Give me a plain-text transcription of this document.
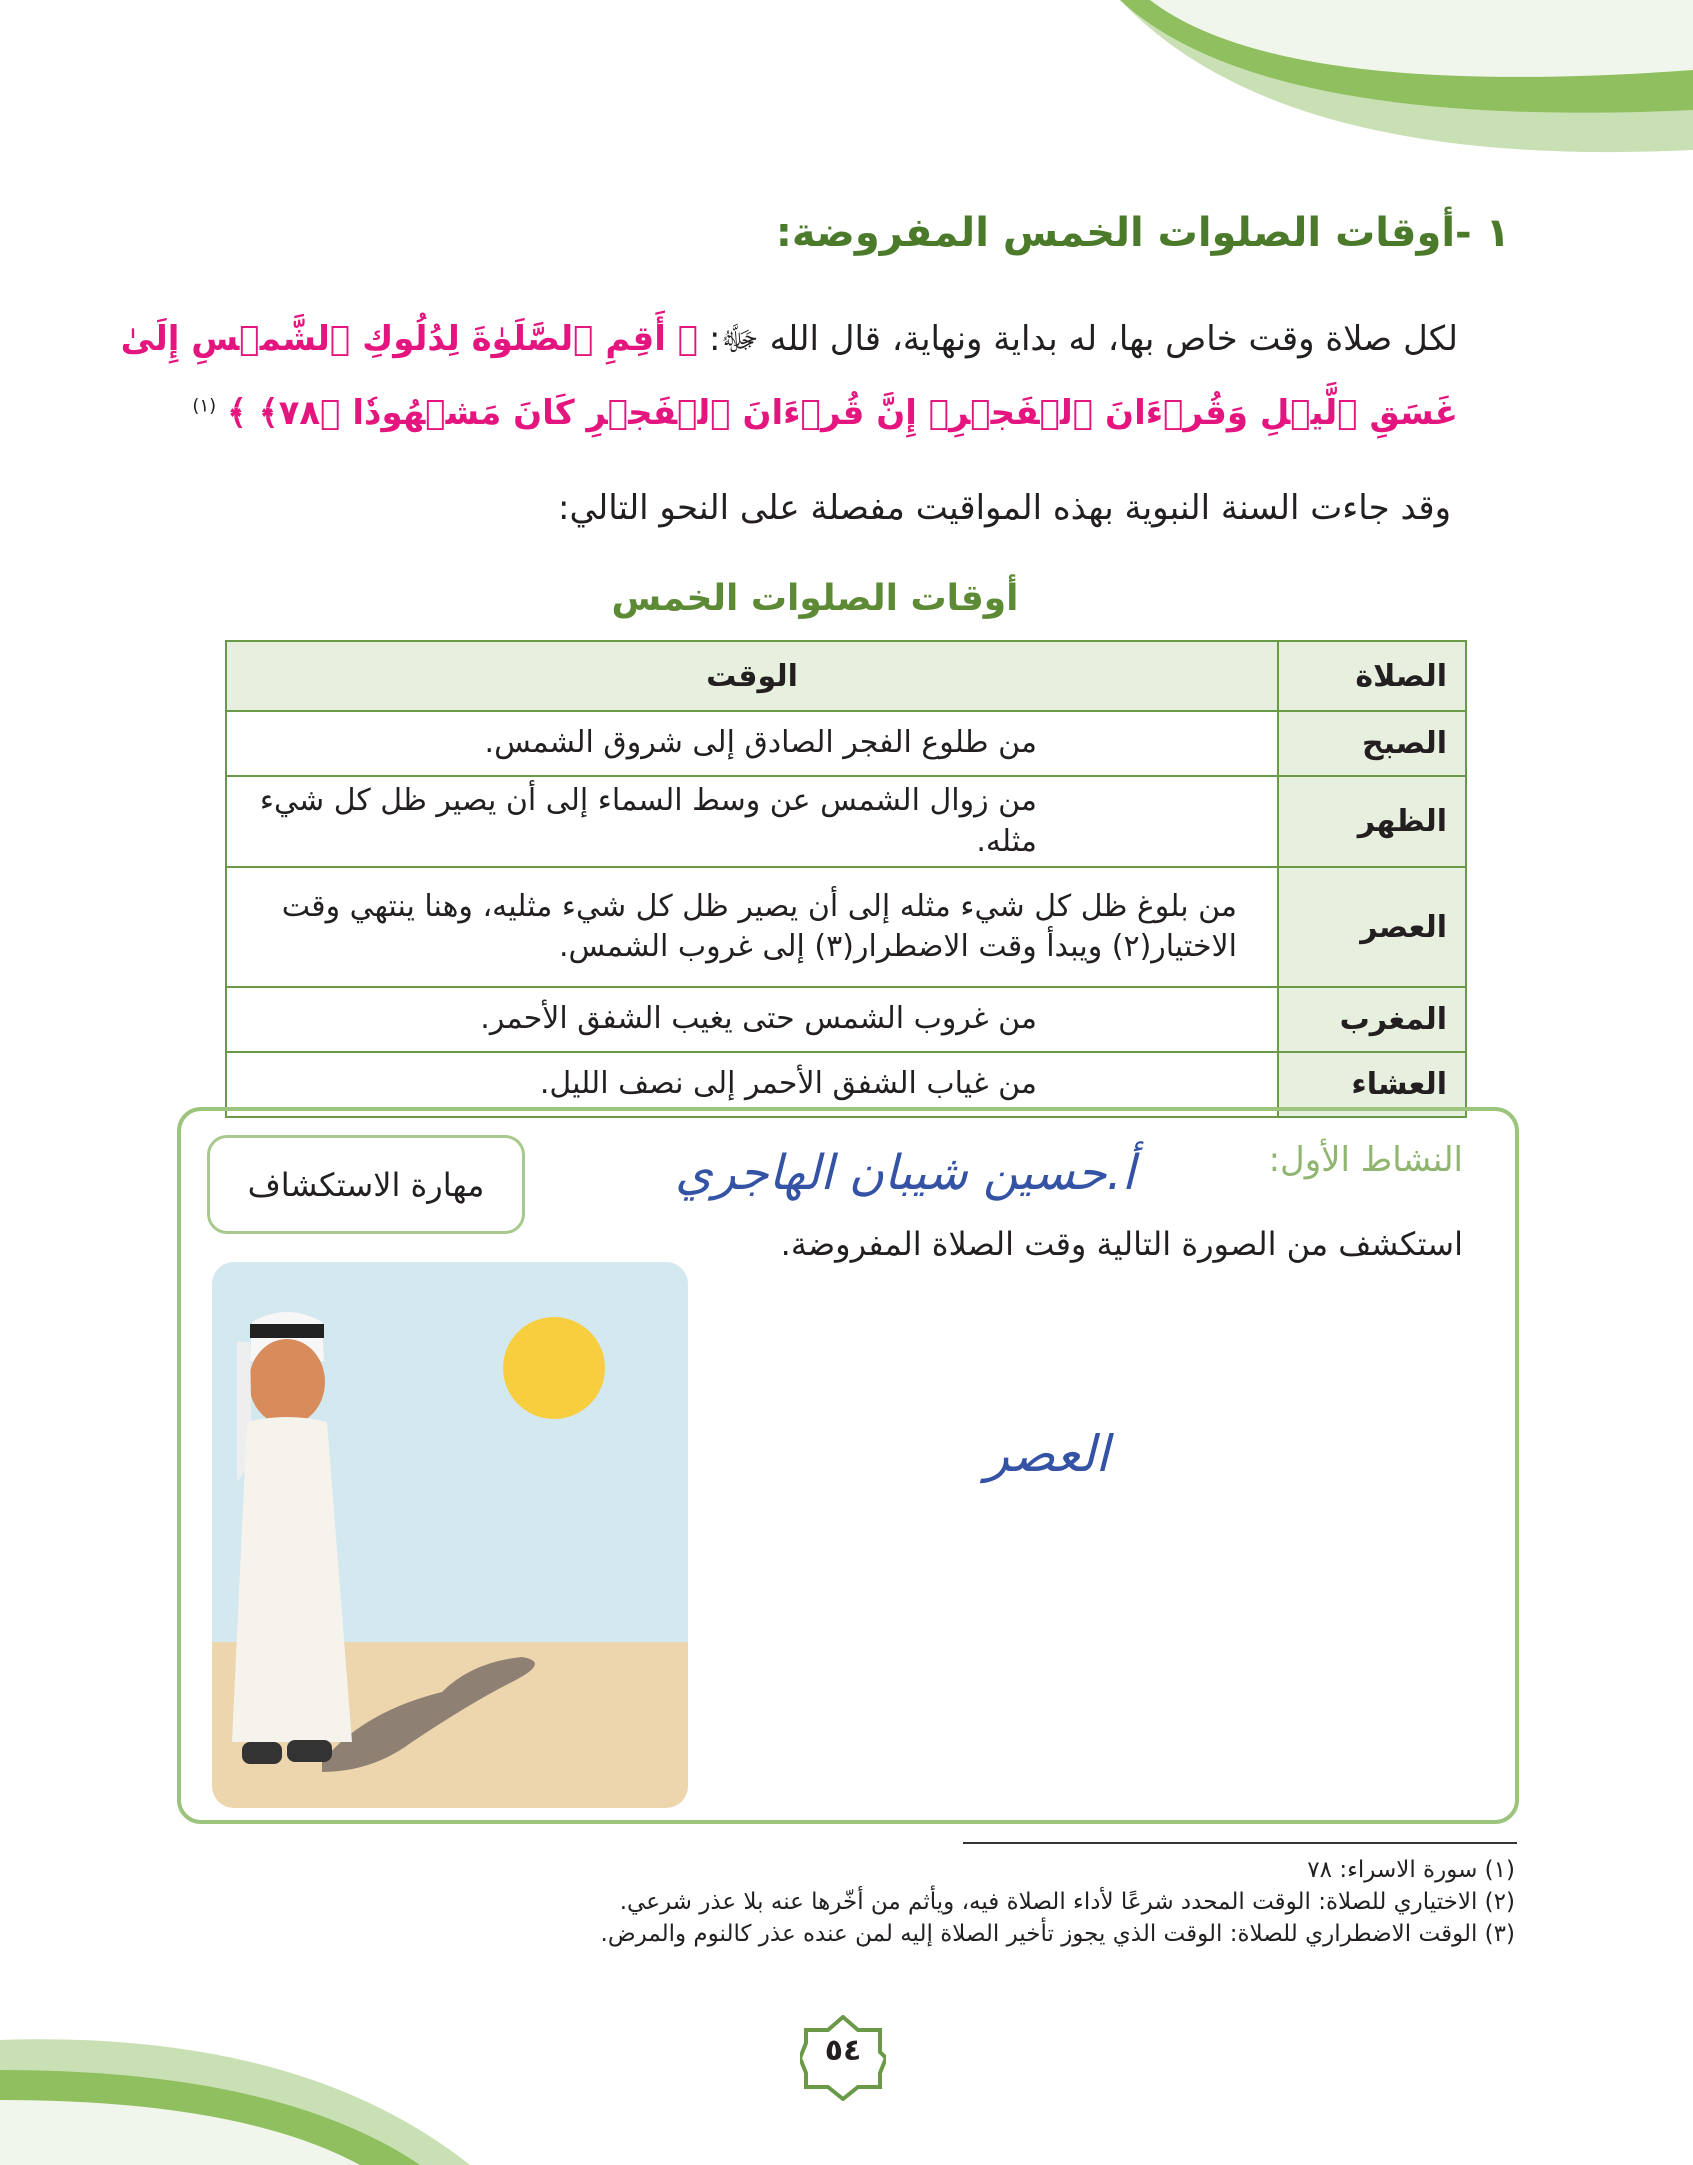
١ -أوقات الصلوات الخمس المفروضة:
لكل صلاة وقت خاص بها، له بداية ونهاية، قال الله ﷻ: ﴿ أَقِمِ ٱلصَّلَوٰةَ لِدُلُوكِ ٱلشَّمۡسِ إِلَىٰ
غَسَقِ ٱلَّيۡلِ وَقُرۡءَانَ ٱلۡفَجۡرِۖ إِنَّ قُرۡءَانَ ٱلۡفَجۡرِ كَانَ مَشۡهُودٗا ﴿٧٨﴾ ﴾ $^{(١)}$
وقد جاءت السنة النبوية بهذه المواقيت مفصلة على النحو التالي:
أوقات الصلوات الخمس
الصلاة	الوقت
الصبح	من طلوع الفجر الصادق إلى شروق الشمس.
الظهر	من زوال الشمس عن وسط السماء إلى أن يصير ظل كل شيء مثله.
العصر	من بلوغ ظل كل شيء مثله إلى أن يصير ظل كل شيء مثليه، وهنا ينتهي وقت الاختيار(٢) ويبدأ وقت الاضطرار(٣) إلى غروب الشمس.
المغرب	من غروب الشمس حتى يغيب الشفق الأحمر.
العشاء	من غياب الشفق الأحمر إلى نصف الليل.
مهارة الاستكشاف
النشاط الأول:
أ.حسين شيبان الهاجري
استكشف من الصورة التالية وقت الصلاة المفروضة.
العصر
(١) سورة الاسراء: ٧٨
(٢) الاختياري للصلاة: الوقت المحدد شرعًا لأداء الصلاة فيه، ويأثم من أخّرها عنه بلا عذر شرعي.
(٣) الوقت الاضطراري للصلاة: الوقت الذي يجوز تأخير الصلاة إليه لمن عنده عذر كالنوم والمرض.
٥٤
